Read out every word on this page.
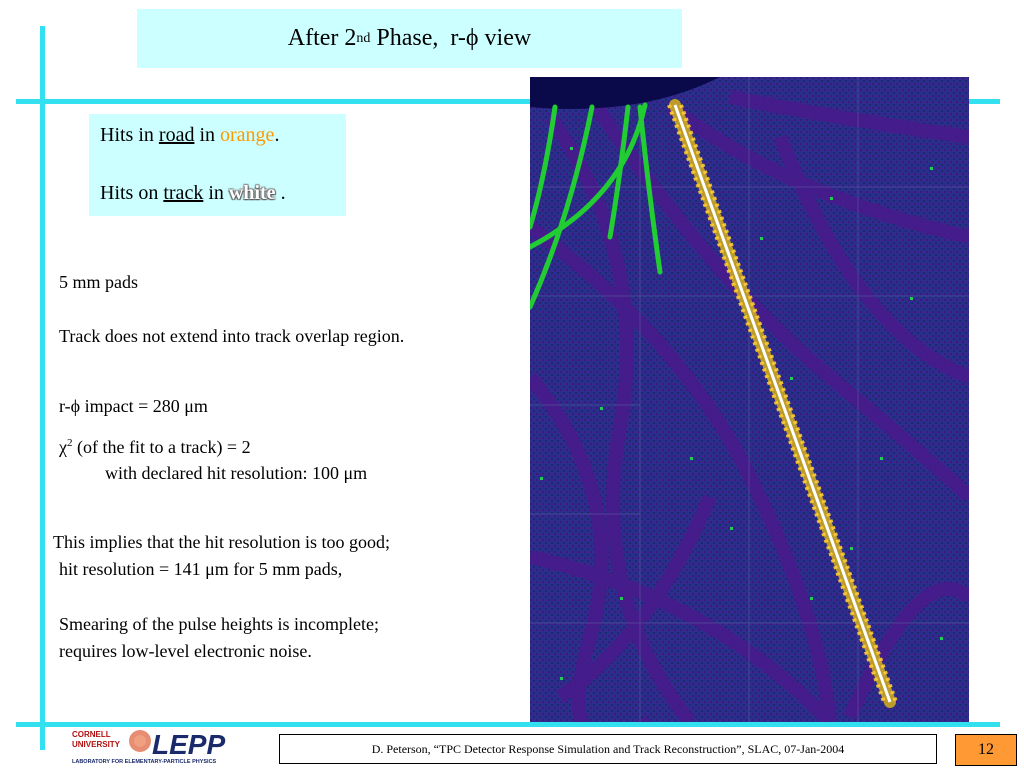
After 2 nd Phase,  r-ϕ view
Hits in road in orange.
Hits on track in white .
5 mm pads
Track does not extend into track overlap region.
r-ϕ impact = 280 μm
$\chi^2$ (of the fit to a track) = 2
with declared hit resolution: 100 μm
This implies that the hit resolution is too good;
hit resolution = 141 μm for 5 mm pads,
Smearing of the pulse heights is incomplete;
requires low-level electronic noise.
CORNELL
UNIVERSITY LEPP
LABORATORY FOR ELEMENTARY-PARTICLE PHYSICS
D. Peterson, “TPC Detector Response Simulation and Track Reconstruction”, SLAC, 07-Jan-2004	12
